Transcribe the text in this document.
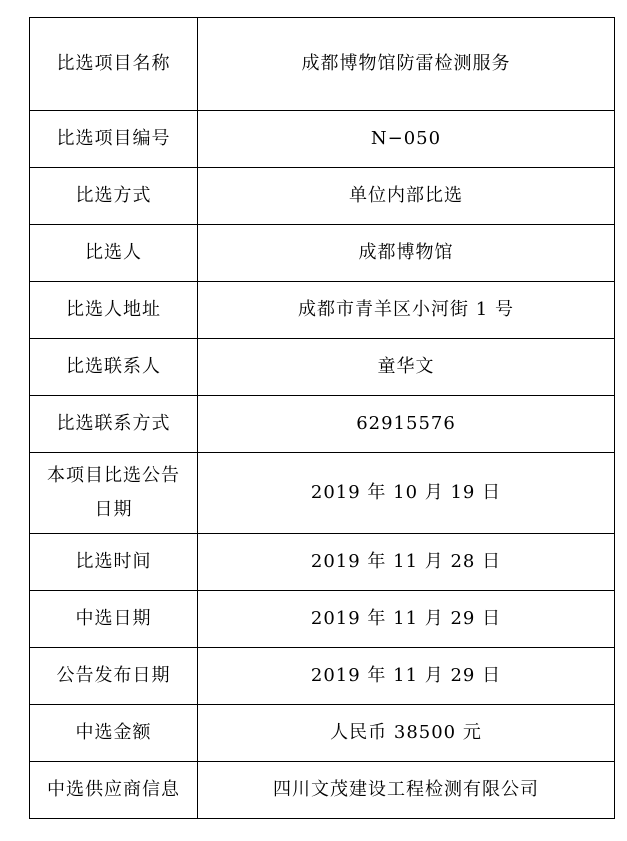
比选项目名称	成都博物馆防雷检测服务
比选项目编号	N−050
比选方式	单位内部比选
比选人	成都博物馆
比选人地址	成都市青羊区小河街 1 号
比选联系人	童华文
比选联系方式	62915576

本项目比选公告
日期	2019 年 10 月 19 日
比选时间	2019 年 11 月 28 日
中选日期	2019 年 11 月 29 日
公告发布日期	2019 年 11 月 29 日
中选金额	人民币 38500 元
中选供应商信息	四川文茂建设工程检测有限公司
